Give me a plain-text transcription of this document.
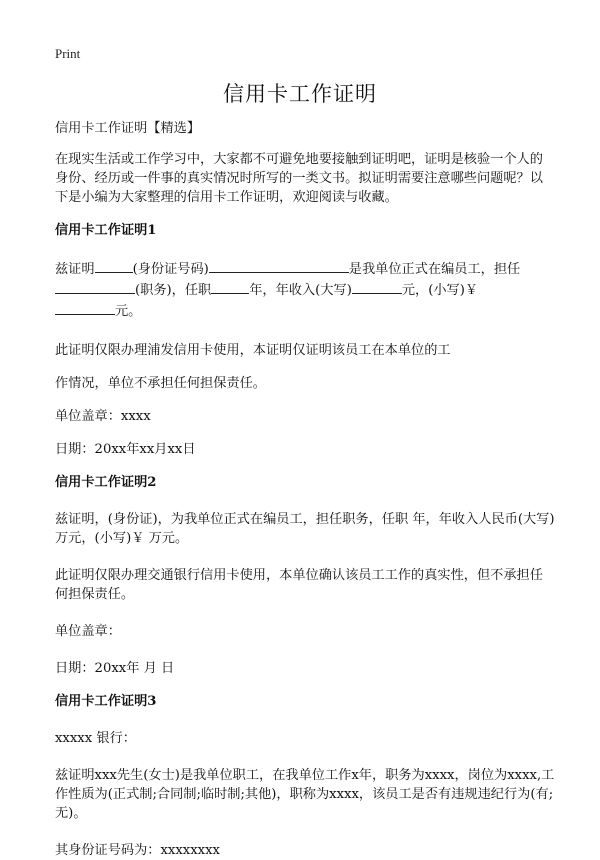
Print
信用卡工作证明

信用卡工作证明【精选】

在现实生活或工作学习中，大家都不可避免地要接触到证明吧，证明是核验一个人的身份、经历或一件事的真实情况时所写的一类文书。拟证明需要注意哪些问题呢？以下是小编为大家整理的信用卡工作证明，欢迎阅读与收藏。

信用卡工作证明1

兹证明	(身份证号码)	是我单位正式在编员工，担任
(职务)，任职	年，年收入(大写)	元，(小写)￥
元。

此证明仅限办理浦发信用卡使用，本证明仅证明该员工在本单位的工

作情况，单位不承担任何担保责任。

单位盖章：xxxx

日期：20xx年xx月xx日

信用卡工作证明2

兹证明，(身份证)，为我单位正式在编员工，担任职务，任职 年，年收入人民币(大写) 万元，(小写)￥ 万元。

此证明仅限办理交通银行信用卡使用，本单位确认该员工工作的真实性，但不承担任何担保责任。

单位盖章：

日期：20xx年 月 日

信用卡工作证明3

xxxxx 银行：

兹证明xxx先生(女士)是我单位职工，在我单位工作x年，职务为xxxx，岗位为xxxx,工作性质为(正式制;合同制;临时制;其他)，职称为xxxx，该员工是否有违规违纪行为(有;无)。

其身份证号码为：xxxxxxxx
